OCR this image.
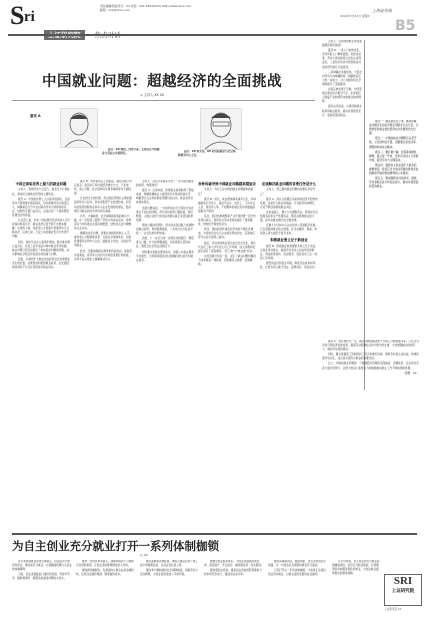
责任编辑/版面设计：XX 电话：021-XXXXXXXX http://www.xxxx.com
邮箱：xxx@xxxx.com
S ri	上海证券报
2012年3月XX日 星期X
B5
中国就业问题：超越经济的全面挑战
◎ 主持人 XX XX
嘉宾 A

嘉宾：XX 教授，经济学家，长期关注中国就业与劳动力市场研究。

嘉宾：XX 研究员，XX 研究院就业与社会保障研究中心主任。

中国正面临世界上最大的就业问题

主持人：我国劳动力总量大，就业压力长期存在，请谈谈当前就业形势的主要特点。

嘉宾 A：中国是世界上人口最多的国家，也是劳动力资源最丰富的国家，每年新增劳动力数量巨大，城镇就业压力与农村富余劳动力转移同时存在，结构性矛盾日益突出，这是任何一个国家都没有遇到过的局面。

从总量上看，未来一段时期内劳动年龄人口仍将保持较高水平，就业供求总量矛盾不会根本缓解；从结构上看，技能型人才短缺与普通劳动力过剩并存，区域之间、行业之间的就业机会分布很不均衡。

同时，高校毕业生人数逐年增加，就业难问题日益突出，农民工返乡创业与城市就业竞争加剧，就业问题已经远远超出了单纯经济问题的范畴，成为影响社会稳定和发展全局的重大问题。

因此，必须把扩大就业放在经济社会发展更加突出的位置，实施更加积极的就业政策，在发展经济的同时千方百计创造更多就业岗位。

嘉宾 B：我非常同意上述看法。就业问题之所以复杂，是因为它牵涉到经济增长方式、产业结构、收入分配、社会保障以及教育体制等多方面因素。

过去相当长的时期，我们的经济增长主要依靠投资和出口拉动，资本密集型产业发展较快，而劳动密集型的服务业和中小企业发展相对滞后，经济增长对就业的拉动作用有所减弱。

另外，户籍制度、社会保障制度等的城乡分割，在一定程度上阻碍了劳动力的自由流动，使得劳动力市场难以实现有效配置，结构性失业与摩擦性失业并存。

要解决这些问题，需要从体制和机制上入手，推进收入分配制度改革，完善社会保障体系，加快发展服务业和中小企业，鼓励自主创业，以创业带动就业。

此外，还要加强职业教育和技能培训，提高劳动者素质，使劳动力供给与市场需求更好地衔接，这样才能从根本上缓解就业压力。

主持人：这些年来国家出台了一系列促进就业的政策，效果如何？

嘉宾 A：总体来看，积极就业政策取得了明显成效，城镇新增就业人数连续多年保持较高水平，城镇登记失业率控制在预期目标以内，就业局势总体保持稳定。

但是也要看到，一些政策在执行过程中还存在落实不到位的问题，部分扶持政策门槛较高、程序繁琐，小微企业和个体创业者难以真正享受到政策优惠。

例如小额担保贷款，很多创业者因缺乏抵押物而难以获得；再如税费减免，一些地方执行标准不统一，企业负担依然较重。

因此，下一步应当进一步简化审批程序、降低准入门槛，扩大政策覆盖面，让政策真正落到实处，激发全社会创业创新活力。

同时要完善就业服务体系，加强公共就业服务平台建设，为求职者提供及时准确的岗位信息和就业指导。

各种因素导致中国就业问题越来越复杂

主持人：为什么说中国的就业问题越来越复杂？

嘉宾 B：首先，就业群体越来越多元化，有城镇新成长劳动力、高校毕业生、农民工、下岗失业人员、退役军人等，不同群体的就业需求和面临的困难各不相同。

其次，经济结构调整和产业升级使得一部分传统岗位消失，新岗位对劳动者技能提出了更高要求，结构性矛盾更加突出。

再次，国际经济环境变化带来的不确定性增加，外需波动对出口企业就业形成冲击，沿海地区部分企业出现用工波动。

最后，劳动者的就业观念也在发生变化，新生代农民工和大学毕业生对工作环境、收入待遇和发展空间有了更高期待，"招工难"与"就业难"并存。

这些因素交织在一起，决定了就业问题的解决不能单靠某一项政策，而需要综合施策、统筹兼顾。

应该解决就业问题的首要任务是什么

主持人：那么解决就业问题的首要任务是什么？

嘉宾 A：我认为首要任务是保持经济平稳较快发展，这是扩大就业的基础。只有经济持续增长，才能不断创造新的就业岗位。

在此基础上，要大力发展服务业，特别是生活性服务业和生产性服务业，服务业吸纳就业能力强，是未来就业增长的主要来源。

还要大力扶持中小企业和非公有制经济发展，它们是吸纳就业的主渠道，应当在融资、税收、市场准入等方面给予更多支持。

积极就业要立足于新创业

嘉宾 B：积极就业政策要更多地立足于创业，以创业带动就业，鼓励劳动者自主创业和自谋职业，形成政策扶持、创业服务、创业培训三位一体的工作机制。

要营造良好的创业环境，降低创业成本和风险，让更多的人敢于创业、能够创业、创业成功。

主持人：目前我国就业形势面临哪些新的挑战？

嘉宾 B：一是人口结构变化，劳动年龄人口增速放缓，老龄化加速，劳动力供给格局正在发生深刻变化；二是技术进步对传统就业岗位的替代效应日益显现。

三是城镇化进程加快，大量农村劳动力向城镇转移，城镇就业压力进一步加大，对公共服务和社会保障提出了更高要求。

四是区域发展不平衡，中西部地区就业机会相对不足，东部地区又面临产业转移带来的就业结构调整。

面对这些挑战，必须创新就业政策和就业服务，推动实现更加充分、更高质量的就业。

观点一：就业是民生之本，解决好就业问题关系到社会稳定和国家长治久安，必须把促进就业放在经济社会发展的优先位置。

观点二：中国的就业问题既有总量矛盾，又有结构性矛盾，需要通过深化改革、调整结构来综合解决。

观点三：要打破户籍、社保等体制性障碍，建立统一开放、竞争有序的人力资源市场，促进劳动力合理流动。

观点四：鼓励自主创业是扩大就业的重要途径，政府应当为创业者提供更加宽松的制度环境和更加便利的公共服务。

观点五：要加强职业技能培训，提高劳动者就业能力和创业能力，推动实现更高质量的就业。

嘉宾 A：我还想补充一点，就业问题的解决离不开收入分配制度改革。只有让劳动者分享经济发展成果，提高劳动报酬在初次分配中的比重，才能增强就业的吸引力，调动劳动者积极性。

同时，要完善最低工资制度和工资正常增长机制，保障劳动者合法权益，构建和谐劳动关系，这也是实现充分就业的重要内容。

总之，中国的就业问题是一个超越经济范畴的全面挑战，需要政府、企业和社会各方面共同努力，以更大的决心和更有力的措施推动就业工作不断取得新进展。

（整理：XX）

为自主创业充分就业打开一系列体制枷锁
◎ XX

近年来我国就业形势总体稳定，但深层次矛盾依然存在，要实现充分就业，必须破除阻碍自主创业的体制障碍。

当前，创业者面临的门槛仍然较高，审批环节多、融资渠道窄、税费负担重等问题较为突出。

要进一步放宽市场准入，清理和取消不合理的行政审批事项，让创业者能够便捷地进入市场。

要创新金融服务，发展面向小微企业的金融机构，拓宽创业融资渠道，降低融资成本。

要完善税收优惠政策，减轻小微企业和个体工商户的税费负担，让创业者轻装上阵。

要改革户籍制度和社会保障制度，消除劳动力流动障碍，为创业创造更加公平的环境。

要健全创业服务体系，为创业者提供政策咨询、项目推介、开业指导、融资服务等一条龙服务。

要加强创业培训，提高创业者的经营管理能力和市场竞争能力，提高创业成功率。

要营造尊重创业、鼓励创新、宽容失败的社会氛围，让一切创造社会财富的源泉充分涌流。

只有打开这一系列体制枷锁，才能真正实现以创业带动就业、以就业促进发展的良性循环。

从长远来看，自主创业和充分就业是相辅相成的，政府应当转变职能，从管理型政府向服务型政府转变，为创业就业提供更好的制度保障。

SRI
上证研究院
SHANGHAI SECURITIES RESEARCH INSTITUTE
上证研究院 XX
